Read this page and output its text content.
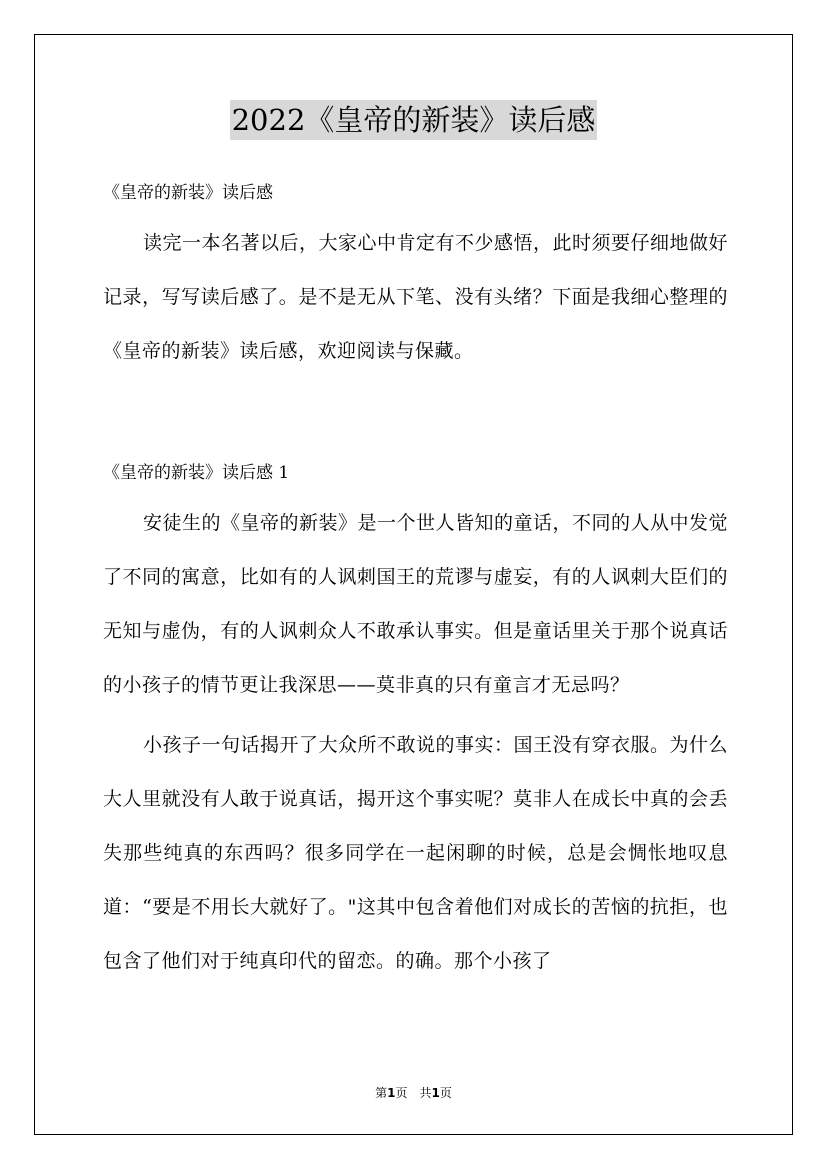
2022《皇帝的新装》读后感

《皇帝的新装》读后感

读完一本名著以后，大家心中肯定有不少感悟，此时须要仔细地做好记录，写写读后感了。是不是无从下笔、没有头绪？下面是我细心整理的《皇帝的新装》读后感，欢迎阅读与保藏。

《皇帝的新装》读后感 1

安徒生的《皇帝的新装》是一个世人皆知的童话，不同的人从中发觉了不同的寓意，比如有的人讽刺国王的荒谬与虚妄，有的人讽刺大臣们的无知与虚伪，有的人讽刺众人不敢承认事实。但是童话里关于那个说真话的小孩子的情节更让我深思——莫非真的只有童言才无忌吗？

小孩子一句话揭开了大众所不敢说的事实：国王没有穿衣服。为什么大人里就没有人敢于说真话，揭开这个事实呢？莫非人在成长中真的会丢失那些纯真的东西吗？很多同学在一起闲聊的时候，总是会惆怅地叹息道：“要是不用长大就好了。"这其中包含着他们对成长的苦恼的抗拒，也包含了他们对于纯真印代的留恋。的确。那个小孩了

第1页　共1页
